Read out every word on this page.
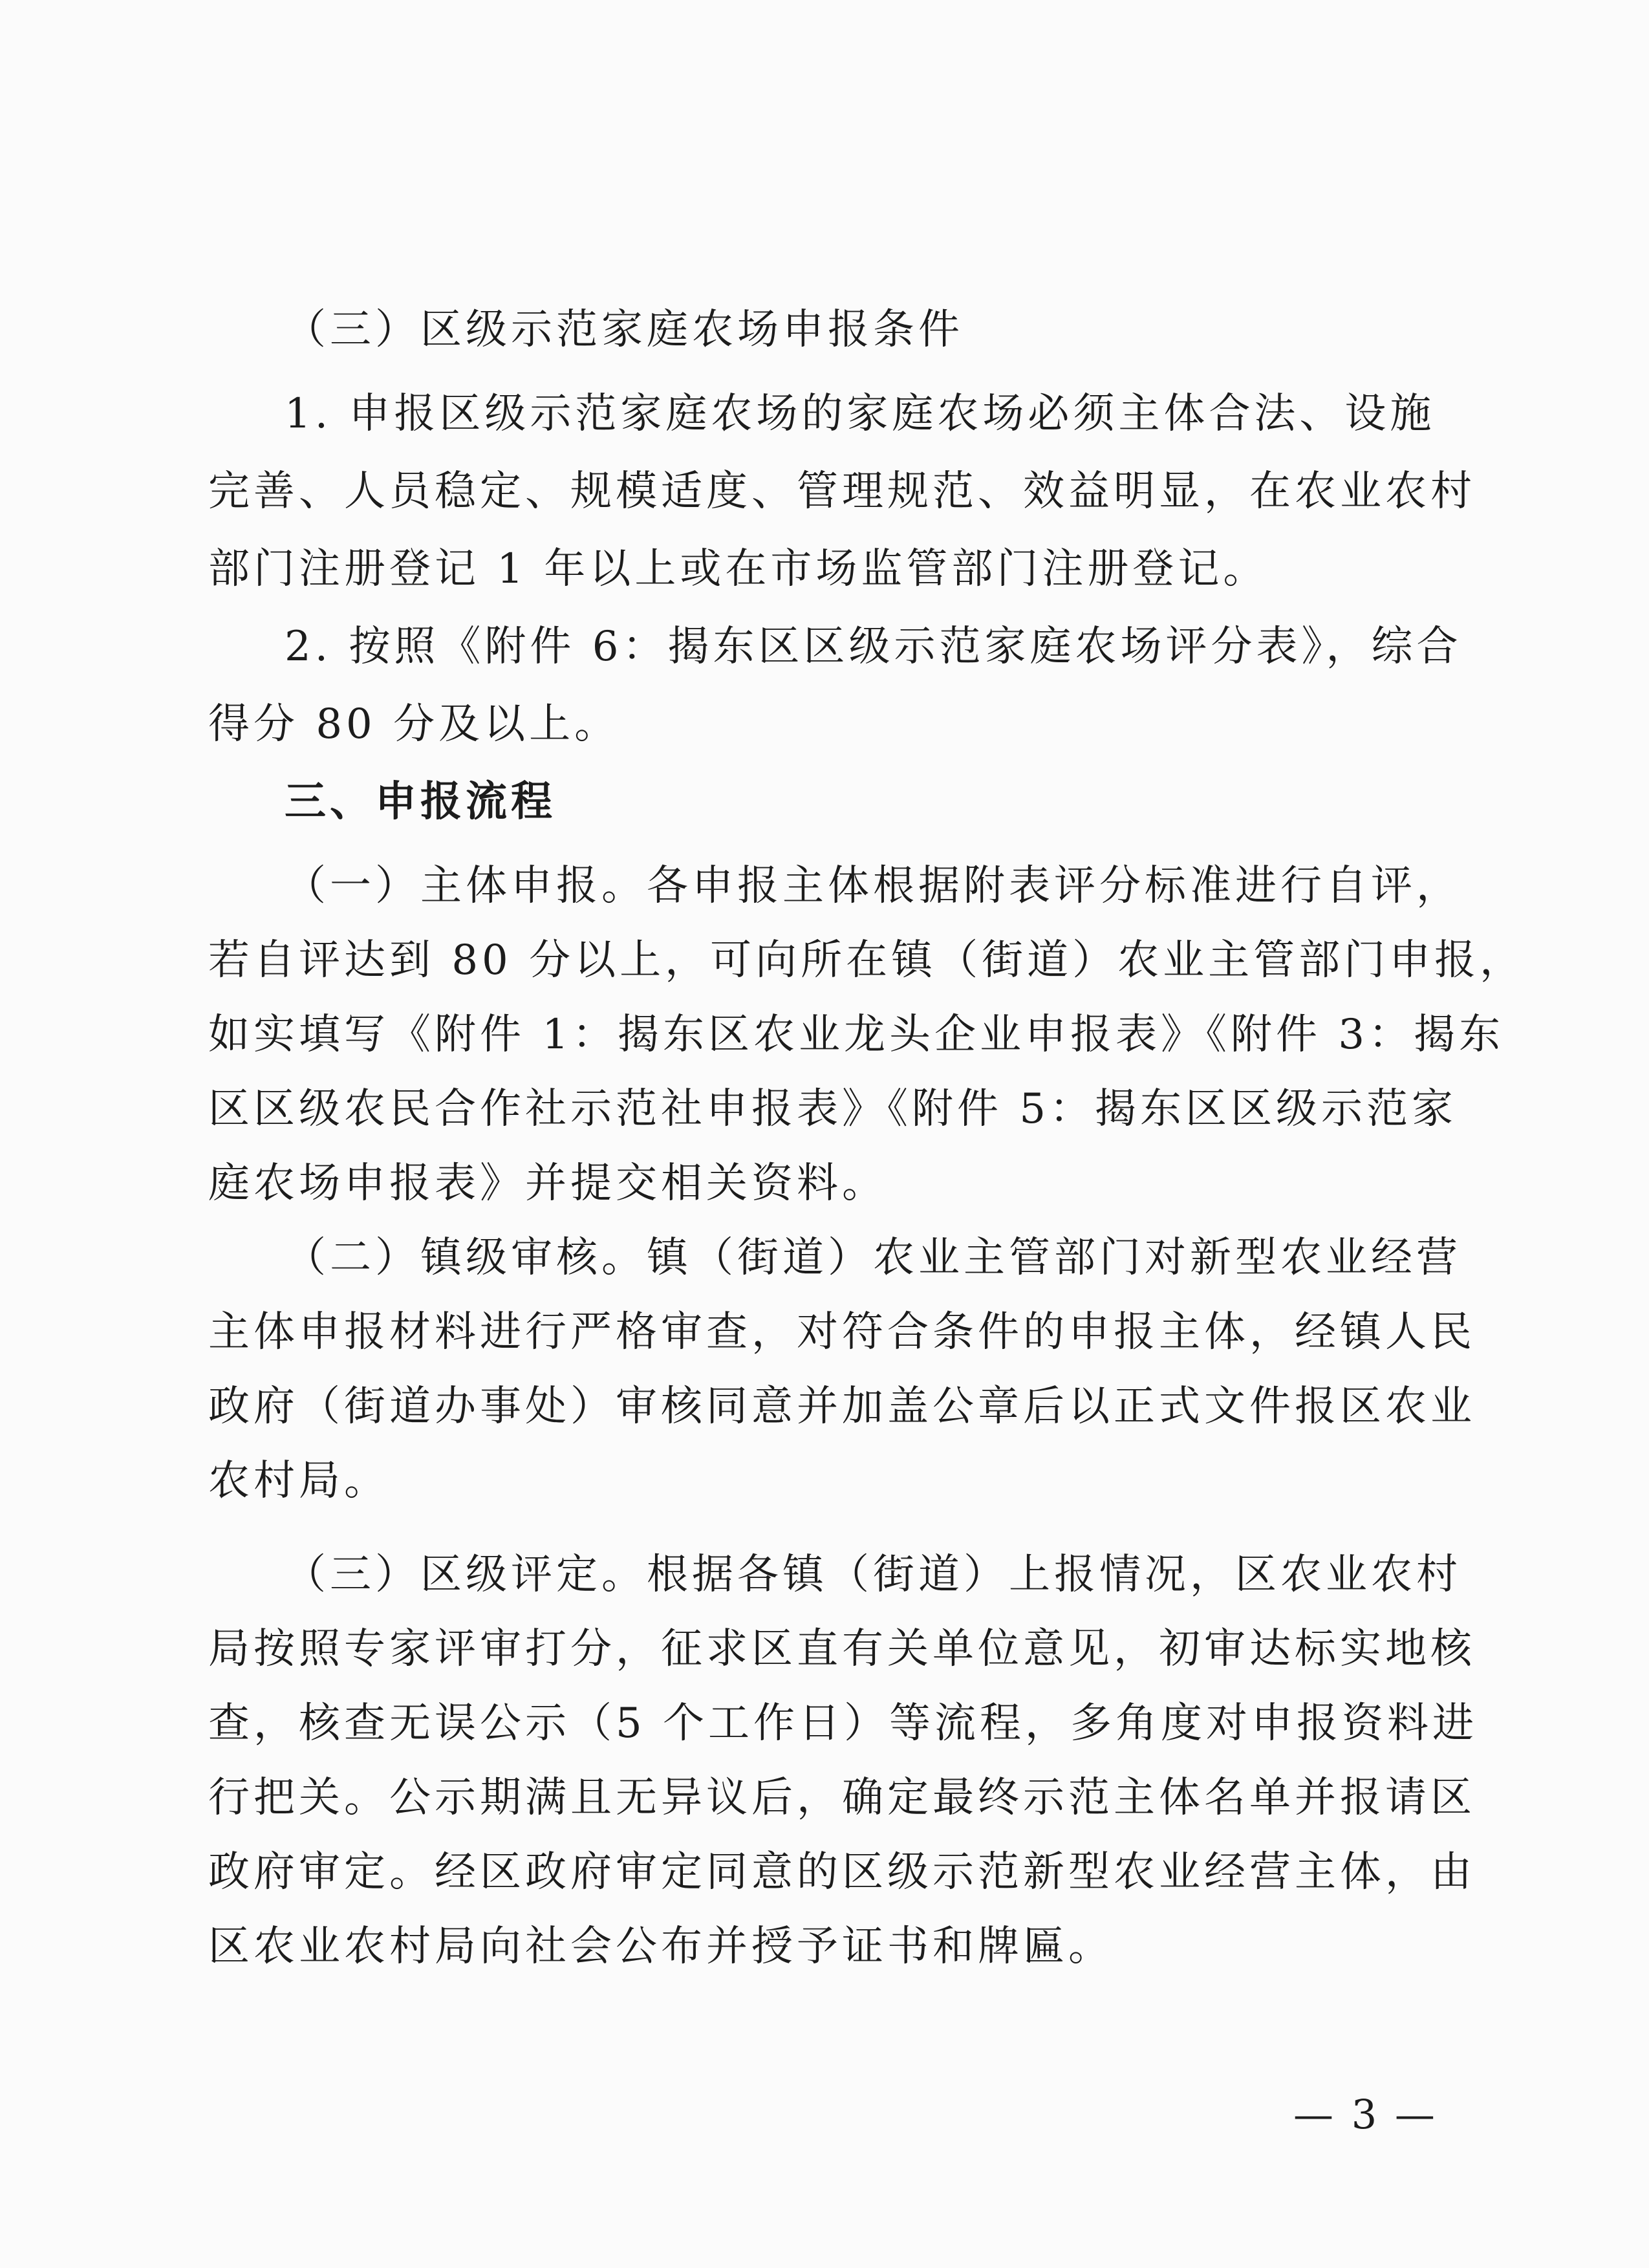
（三）区级示范家庭农场申报条件
1. 申报区级示范家庭农场的家庭农场必须主体合法、设施
完善、人员稳定、规模适度、管理规范、效益明显，在农业农村
部门注册登记 1 年以上或在市场监管部门注册登记。
2. 按照《附件 6：揭东区区级示范家庭农场评分表》，综合
得分 80 分及以上。
三、申报流程
（一）主体申报。各申报主体根据附表评分标准进行自评，
若自评达到 80 分以上，可向所在镇（街道）农业主管部门申报，
如实填写《附件 1：揭东区农业龙头企业申报表》《附件 3：揭东
区区级农民合作社示范社申报表》《附件 5：揭东区区级示范家
庭农场申报表》并提交相关资料。
（二）镇级审核。镇（街道）农业主管部门对新型农业经营
主体申报材料进行严格审查，对符合条件的申报主体，经镇人民
政府（街道办事处）审核同意并加盖公章后以正式文件报区农业
农村局。
（三）区级评定。根据各镇（街道）上报情况，区农业农村
局按照专家评审打分，征求区直有关单位意见，初审达标实地核
查，核查无误公示（5 个工作日）等流程，多角度对申报资料进
行把关。公示期满且无异议后，确定最终示范主体名单并报请区
政府审定。经区政府审定同意的区级示范新型农业经营主体，由
区农业农村局向社会公布并授予证书和牌匾。
— 3 —
